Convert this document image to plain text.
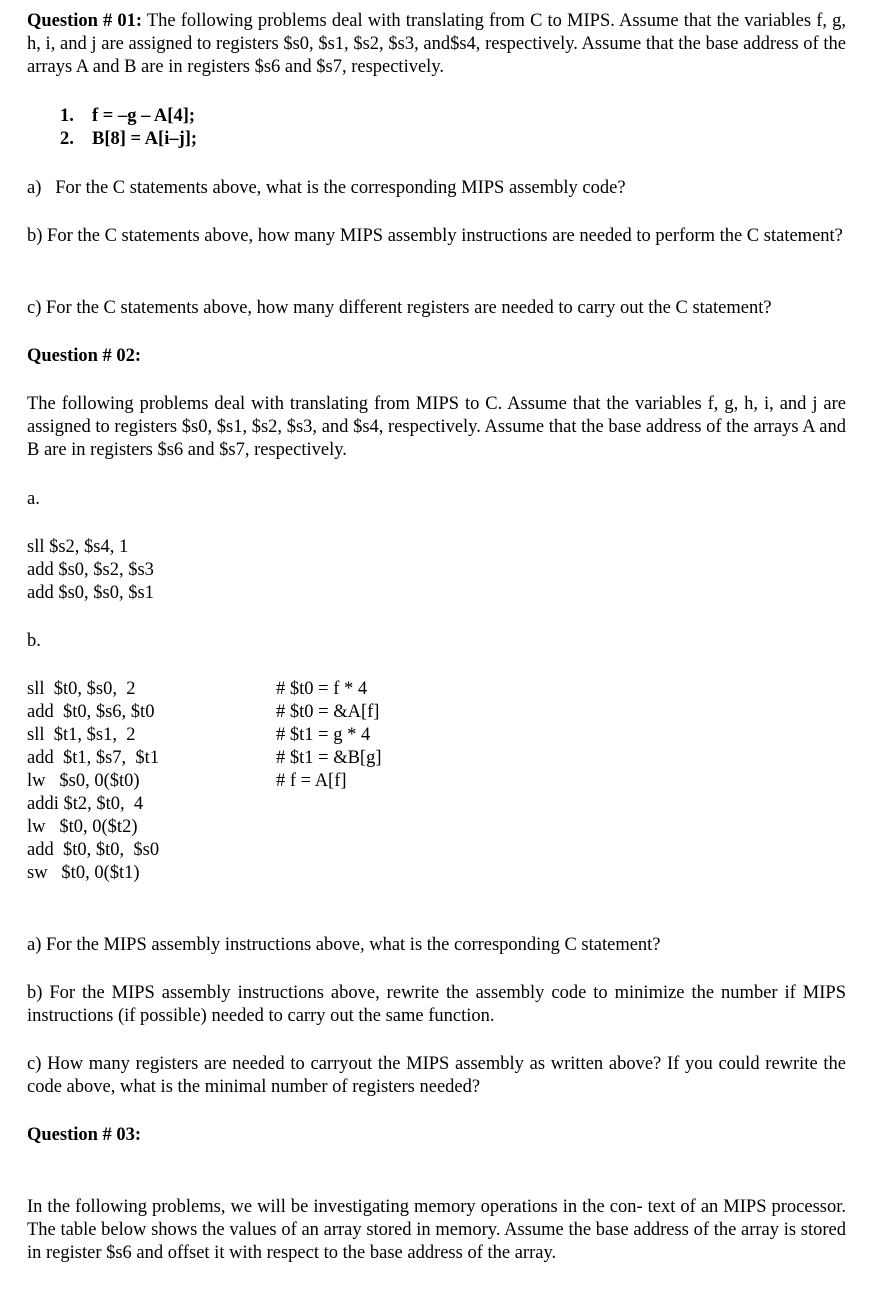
Question # 01: The following problems deal with translating from C to MIPS. Assume that the variables f, g, h, i, and j are assigned to registers $s0, $s1, $s2, $s3, and$s4, respectively. Assume that the base address of the arrays A and B are in registers $s6 and $s7, respectively.

1. f = –g – A[4];
2. B[8] = A[i–j];

a)   For the C statements above, what is the corresponding MIPS assembly code?

b) For the C statements above, how many MIPS assembly instructions are needed to perform the C statement?

c) For the C statements above, how many different registers are needed to carry out the C statement?

Question # 02:

The following problems deal with translating from MIPS to C. Assume that the variables f, g, h, i, and j are assigned to registers $s0, $s1, $s2, $s3, and $s4, respectively. Assume that the base address of the arrays A and B are in registers $s6 and $s7, respectively.

a.

sll $s2, $s4, 1
add $s0, $s2, $s3
add $s0, $s0, $s1

b.

sll  $t0, $s0,  2
add  $t0, $s6, $t0
sll  $t1, $s1,  2
add  $t1, $s7,  $t1
lw   $s0, 0($t0)
addi $t2, $t0,  4
lw   $t0, 0($t2)
add  $t0, $t0,  $s0
sw   $t0, 0($t1)
# $t0 = f * 4
# $t0 = &A[f]
# $t1 = g * 4
# $t1 = &B[g]
# f = A[f]

a) For the MIPS assembly instructions above, what is the corresponding C statement?

b) For the MIPS assembly instructions above, rewrite the assembly code to minimize the number if MIPS instructions (if possible) needed to carry out the same function.

c) How many registers are needed to carryout the MIPS assembly as written above? If you could rewrite the code above, what is the minimal number of registers needed?

Question # 03:

In the following problems, we will be investigating memory operations in the con- text of an MIPS processor. The table below shows the values of an array stored in memory. Assume the base address of the array is stored in register $s6 and offset it with respect to the base address of the array.
